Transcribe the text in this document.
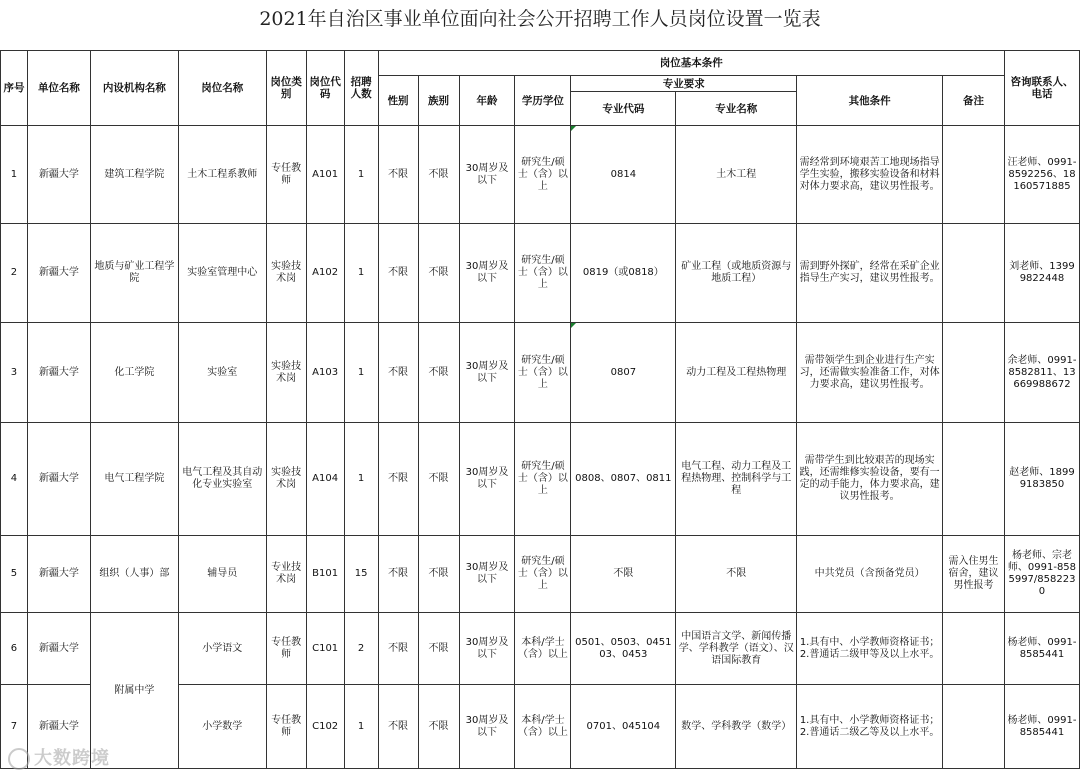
2021年自治区事业单位面向社会公开招聘工作人员岗位设置一览表
序号	单位名称	内设机构名称	岗位名称	岗位类别	岗位代码	招聘人数	岗位基本条件								咨询联系人、电话
							性别	族别	年龄	学历学位	专业要求		其他条件	备注	
											专业代码	专业名称			
1	新疆大学	建筑工程学院	土木工程系教师	专任教师	A101	1	不限	不限	30周岁及以下	研究生/硕士（含）以上	0814	土木工程	需经常到环境艰苦工地现场指导学生实验，搬移实验设备和材料对体力要求高，建议男性报考。		汪老师、0991-8592256、18160571885
2	新疆大学	地质与矿业工程学院	实验室管理中心	实验技术岗	A102	1	不限	不限	30周岁及以下	研究生/硕士（含）以上	0819（或0818）	矿业工程（或地质资源与地质工程）	需到野外探矿，经常在采矿企业指导生产实习，建议男性报考。		刘老师、13999822448
3	新疆大学	化工学院	实验室	实验技术岗	A103	1	不限	不限	30周岁及以下	研究生/硕士（含）以上	0807	动力工程及工程热物理	需带领学生到企业进行生产实习，还需做实验准备工作，对体力要求高，建议男性报考。		余老师、0991-8582811、13669988672
4	新疆大学	电气工程学院	电气工程及其自动化专业实验室	实验技术岗	A104	1	不限	不限	30周岁及以下	研究生/硕士（含）以上	0808、0807、0811	电气工程、动力工程及工程热物理、控制科学与工程	需带学生到比较艰苦的现场实践，还需维修实验设备，要有一定的动手能力，体力要求高，建议男性报考。		赵老师、18999183850
5	新疆大学	组织（人事）部	辅导员	专业技术岗	B101	15	不限	不限	30周岁及以下	研究生/硕士（含）以上	不限	不限	中共党员（含预备党员）	需入住男生宿舍，建议男性报考	杨老师、宗老师、0991-8585997/8582230
6	新疆大学	附属中学	小学语文	专任教师	C101	2	不限	不限	30周岁及以下	本科/学士（含）以上	0501、0503、045103、0453	中国语言文学、新闻传播学、学科教学（语文）、汉语国际教育	1.具有中、小学教师资格证书；2.普通话二级甲等及以上水平。		杨老师、0991-8585441
7	新疆大学		小学数学	专任教师	C102	1	不限	不限	30周岁及以下	本科/学士（含）以上	0701、045104	数学、学科教学（数学）	1.具有中、小学教师资格证书；2.普通话二级乙等及以上水平。		杨老师、0991-8585441
大数跨境
